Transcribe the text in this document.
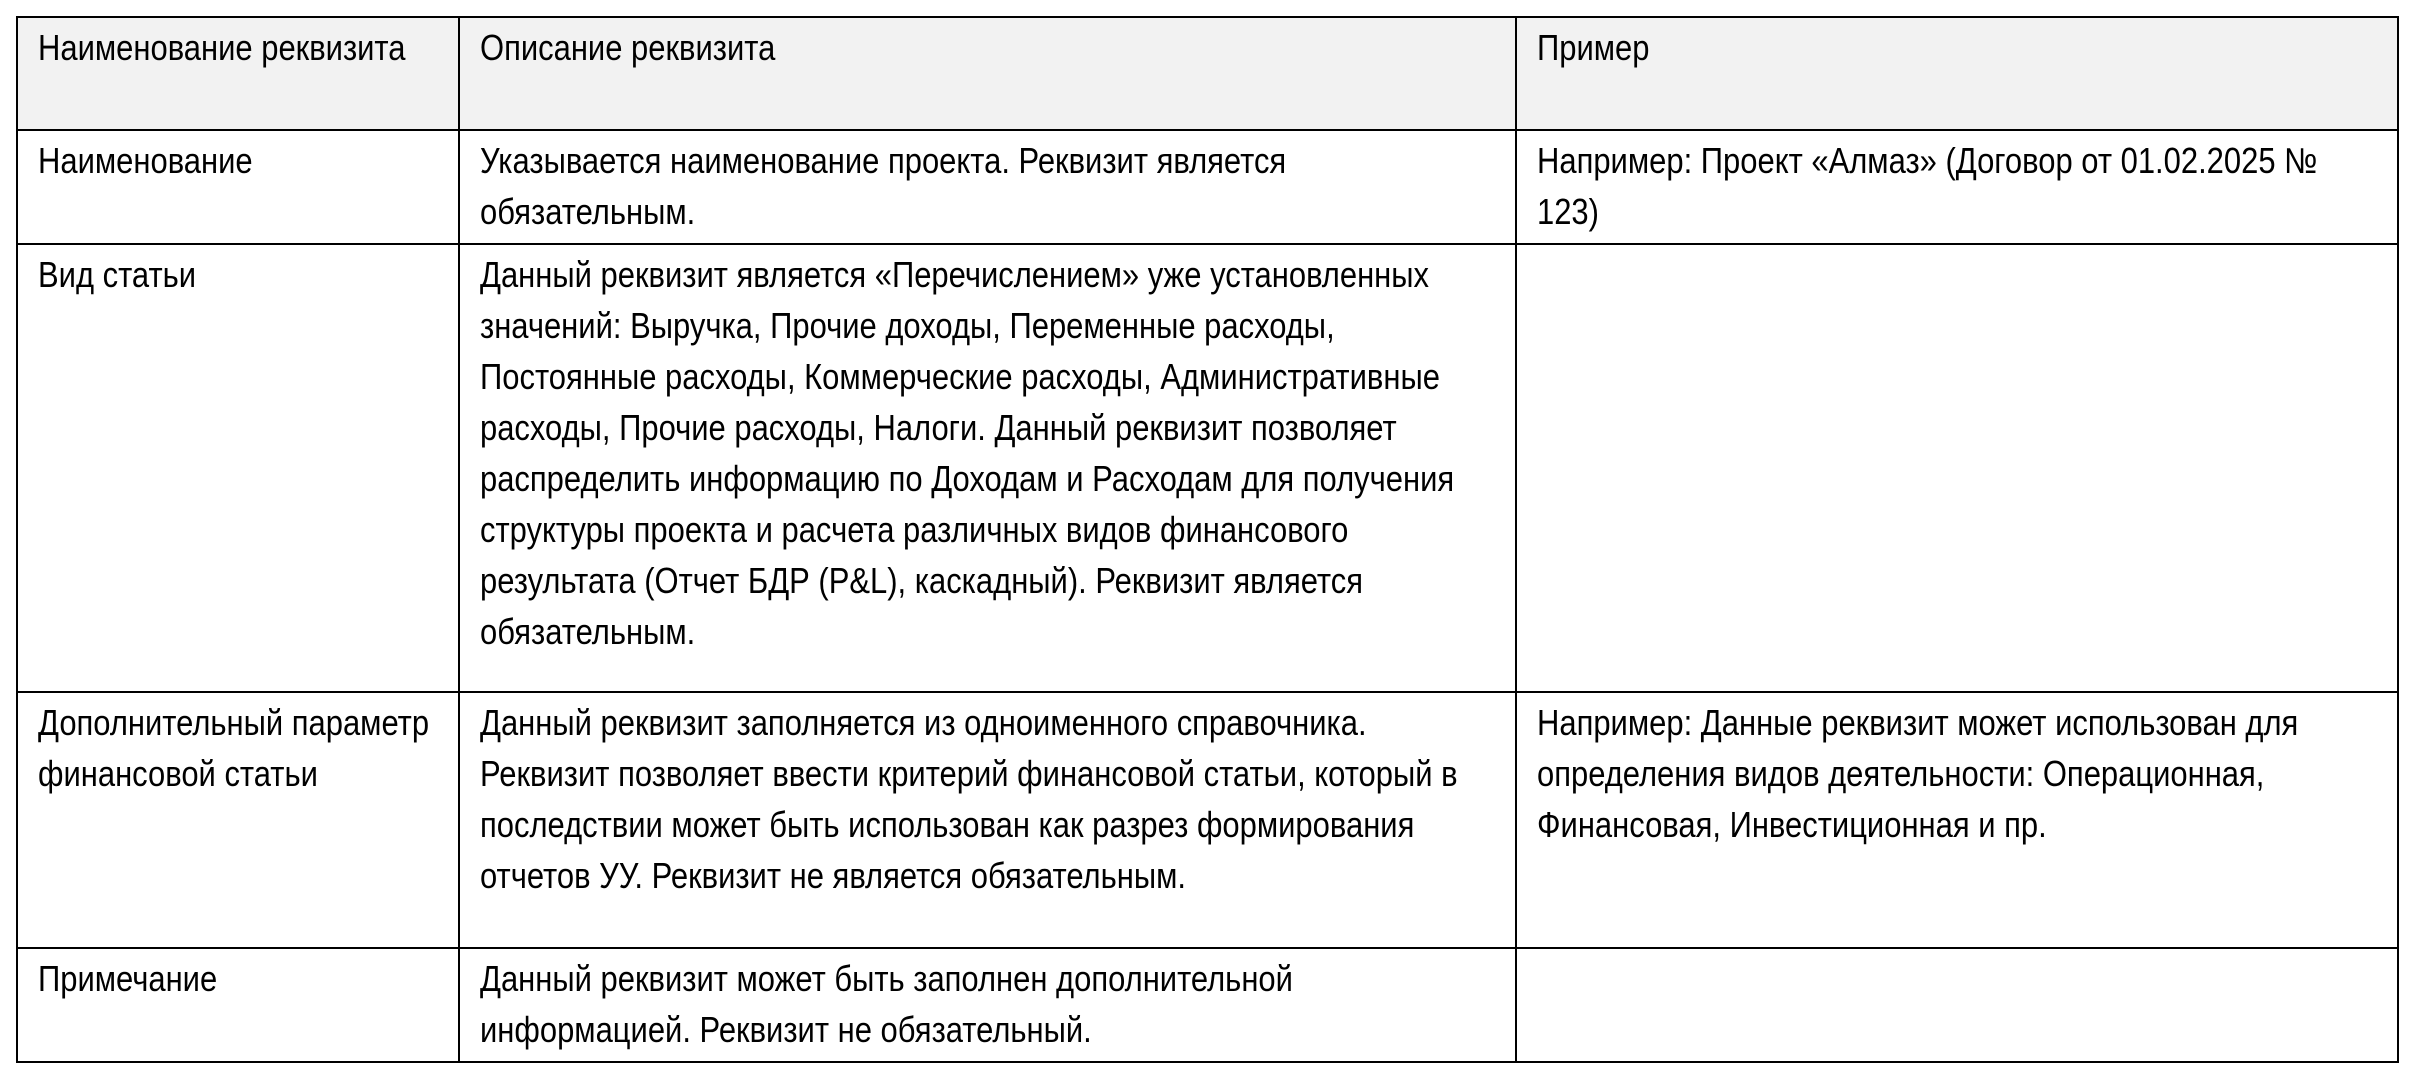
Наименование реквизита	Описание реквизита	Пример

Наименование	Указывается наименование проекта. Реквизит является обязательным.	Например: Проект «Алмаз» (Договор от 01.02.2025 № 123)

Вид статьи	Данный реквизит является «Перечислением» уже установленных значений: Выручка, Прочие доходы, Переменные расходы, Постоянные расходы, Коммерческие расходы, Административные расходы, Прочие расходы, Налоги. Данный реквизит позволяет распределить информацию по Доходам и Расходам для получения структуры проекта и расчета различных видов финансового результата (Отчет БДР (P&L), каскадный). Реквизит является обязательным.	

Дополнительный параметр финансовой статьи	Данный реквизит заполняется из одноименного справочника. Реквизит позволяет ввести критерий финансовой статьи, который в последствии может быть использован как разрез формирования отчетов УУ. Реквизит не является обязательным.	Например: Данные реквизит может использован для определения видов деятельности: Операционная, Финансовая, Инвестиционная и пр.

Примечание	Данный реквизит может быть заполнен дополнительной информацией. Реквизит не обязательный.	
